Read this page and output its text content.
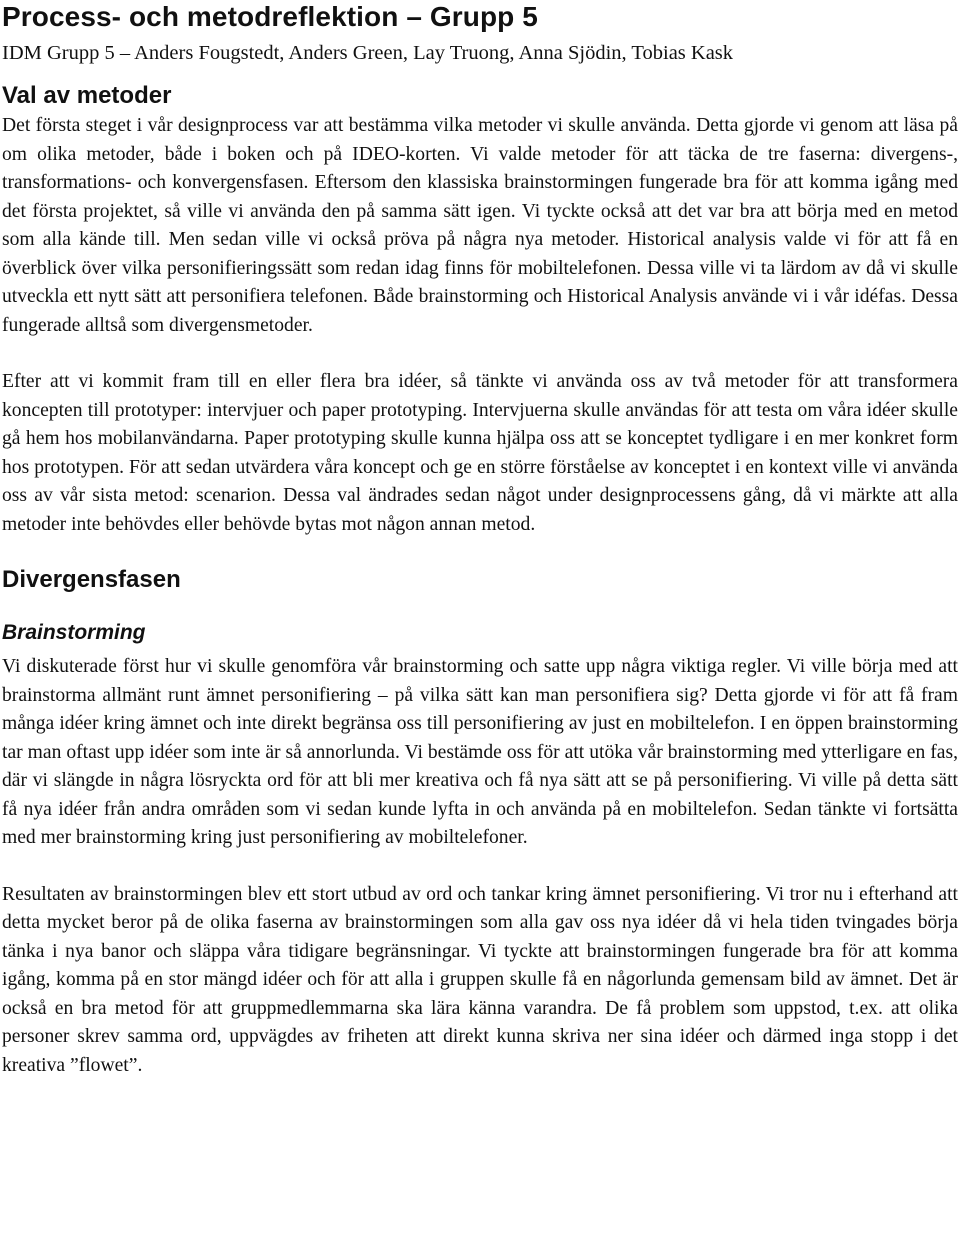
Process- och metodreflektion – Grupp 5

IDM Grupp 5 – Anders Fougstedt, Anders Green, Lay Truong, Anna Sjödin, Tobias Kask

Val av metoder

Det första steget i vår designprocess var att bestämma vilka metoder vi skulle använda. Detta gjorde vi genom att läsa på om olika metoder, både i boken och på IDEO-korten. Vi valde metoder för att täcka de tre faserna: divergens-, transformations- och konvergensfasen. Eftersom den klassiska brainstormingen fungerade bra för att komma igång med det första projektet, så ville vi använda den på samma sätt igen. Vi tyckte också att det var bra att börja med en metod som alla kände till. Men sedan ville vi också pröva på några nya metoder. Historical analysis valde vi för att få en överblick över vilka personifieringssätt som redan idag finns för mobiltelefonen. Dessa ville vi ta lärdom av då vi skulle utveckla ett nytt sätt att personifiera telefonen. Både brainstorming och Historical Analysis använde vi i vår idéfas. Dessa fungerade alltså som divergensmetoder.

Efter att vi kommit fram till en eller flera bra idéer, så tänkte vi använda oss av två metoder för att transformera koncepten till prototyper: intervjuer och paper prototyping. Intervjuerna skulle användas för att testa om våra idéer skulle gå hem hos mobilanvändarna. Paper prototyping skulle kunna hjälpa oss att se konceptet tydligare i en mer konkret form hos prototypen. För att sedan utvärdera våra koncept och ge en större förståelse av konceptet i en kontext ville vi använda oss av vår sista metod: scenarion. Dessa val ändrades sedan något under designprocessens gång, då vi märkte att alla metoder inte behövdes eller behövde bytas mot någon annan metod.

Divergensfasen
Brainstorming

Vi diskuterade först hur vi skulle genomföra vår brainstorming och satte upp några viktiga regler. Vi ville börja med att brainstorma allmänt runt ämnet personifiering – på vilka sätt kan man personifiera sig? Detta gjorde vi för att få fram många idéer kring ämnet och inte direkt begränsa oss till personifiering av just en mobiltelefon. I en öppen brainstorming tar man oftast upp idéer som inte är så annorlunda. Vi bestämde oss för att utöka vår brainstorming med ytterligare en fas, där vi slängde in några lösryckta ord för att bli mer kreativa och få nya sätt att se på personifiering. Vi ville på detta sätt få nya idéer från andra områden som vi sedan kunde lyfta in och använda på en mobiltelefon. Sedan tänkte vi fortsätta med mer brainstorming kring just personifiering av mobiltelefoner.

Resultaten av brainstormingen blev ett stort utbud av ord och tankar kring ämnet personifiering. Vi tror nu i efterhand att detta mycket beror på de olika faserna av brainstormingen som alla gav oss nya idéer då vi hela tiden tvingades börja tänka i nya banor och släppa våra tidigare begränsningar. Vi tyckte att brainstormingen fungerade bra för att komma igång, komma på en stor mängd idéer och för att alla i gruppen skulle få en någorlunda gemensam bild av ämnet. Det är också en bra metod för att gruppmedlemmarna ska lära känna varandra. De få problem som uppstod, t.ex. att olika personer skrev samma ord, uppvägdes av friheten att direkt kunna skriva ner sina idéer och därmed inga stopp i det kreativa ”flowet”.
